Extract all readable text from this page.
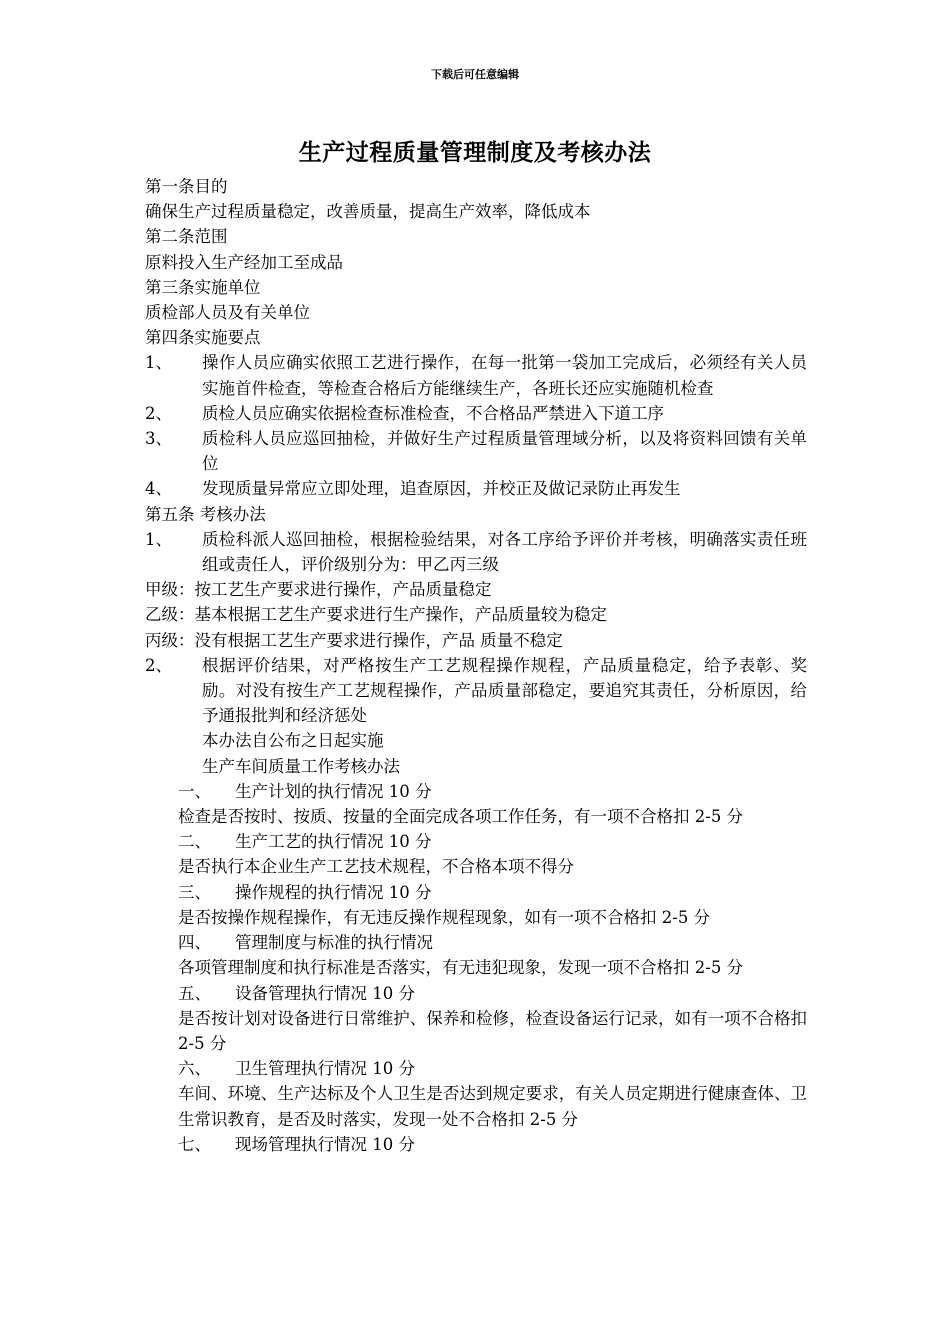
下载后可任意编辑
生产过程质量管理制度及考核办法

第一条目的

确保生产过程质量稳定，改善质量，提高生产效率，降低成本

第二条范围

原料投入生产经加工至成品

第三条实施单位

质检部人员及有关单位

第四条实施要点

1、	操作人员应确实依照工艺进行操作，在每一批第一袋加工完成后，必须经有关人员实施首件检查，等检查合格后方能继续生产，各班长还应实施随机检查
2、	质检人员应确实依据检查标准检查，不合格品严禁进入下道工序
3、	质检科人员应巡回抽检，并做好生产过程质量管理域分析，以及将资料回馈有关单位
4、	发现质量异常应立即处理，追查原因，并校正及做记录防止再发生

第五条 考核办法

1、	质检科派人巡回抽检，根据检验结果，对各工序给予评价并考核，明确落实责任班组或责任人，评价级别分为：甲乙丙三级

甲级：按工艺生产要求进行操作，产品质量稳定

乙级：基本根据工艺生产要求进行生产操作，产品质量较为稳定

丙级：没有根据工艺生产要求进行操作，产品 质量不稳定

2、	根据评价结果，对严格按生产工艺规程操作规程，产品质量稳定，给予表彰、奖励。对没有按生产工艺规程操作，产品质量部稳定，要追究其责任，分析原因，给予通报批判和经济惩处

本办法自公布之日起实施

生产车间质量工作考核办法

一、	生产计划的执行情况 10 分

检查是否按时、按质、按量的全面完成各项工作任务，有一项不合格扣 2-5 分

二、	生产工艺的执行情况 10 分

是否执行本企业生产工艺技术规程，不合格本项不得分

三、	操作规程的执行情况 10 分

是否按操作规程操作，有无违反操作规程现象，如有一项不合格扣 2-5 分

四、	管理制度与标准的执行情况

各项管理制度和执行标准是否落实，有无违犯现象，发现一项不合格扣 2-5 分

五、	设备管理执行情况 10 分

是否按计划对设备进行日常维护、保养和检修，检查设备运行记录，如有一项不合格扣 2-5 分

六、	卫生管理执行情况 10 分

车间、环境、生产达标及个人卫生是否达到规定要求，有关人员定期进行健康查体、卫生常识教育，是否及时落实，发现一处不合格扣 2-5 分

七、	现场管理执行情况 10 分
